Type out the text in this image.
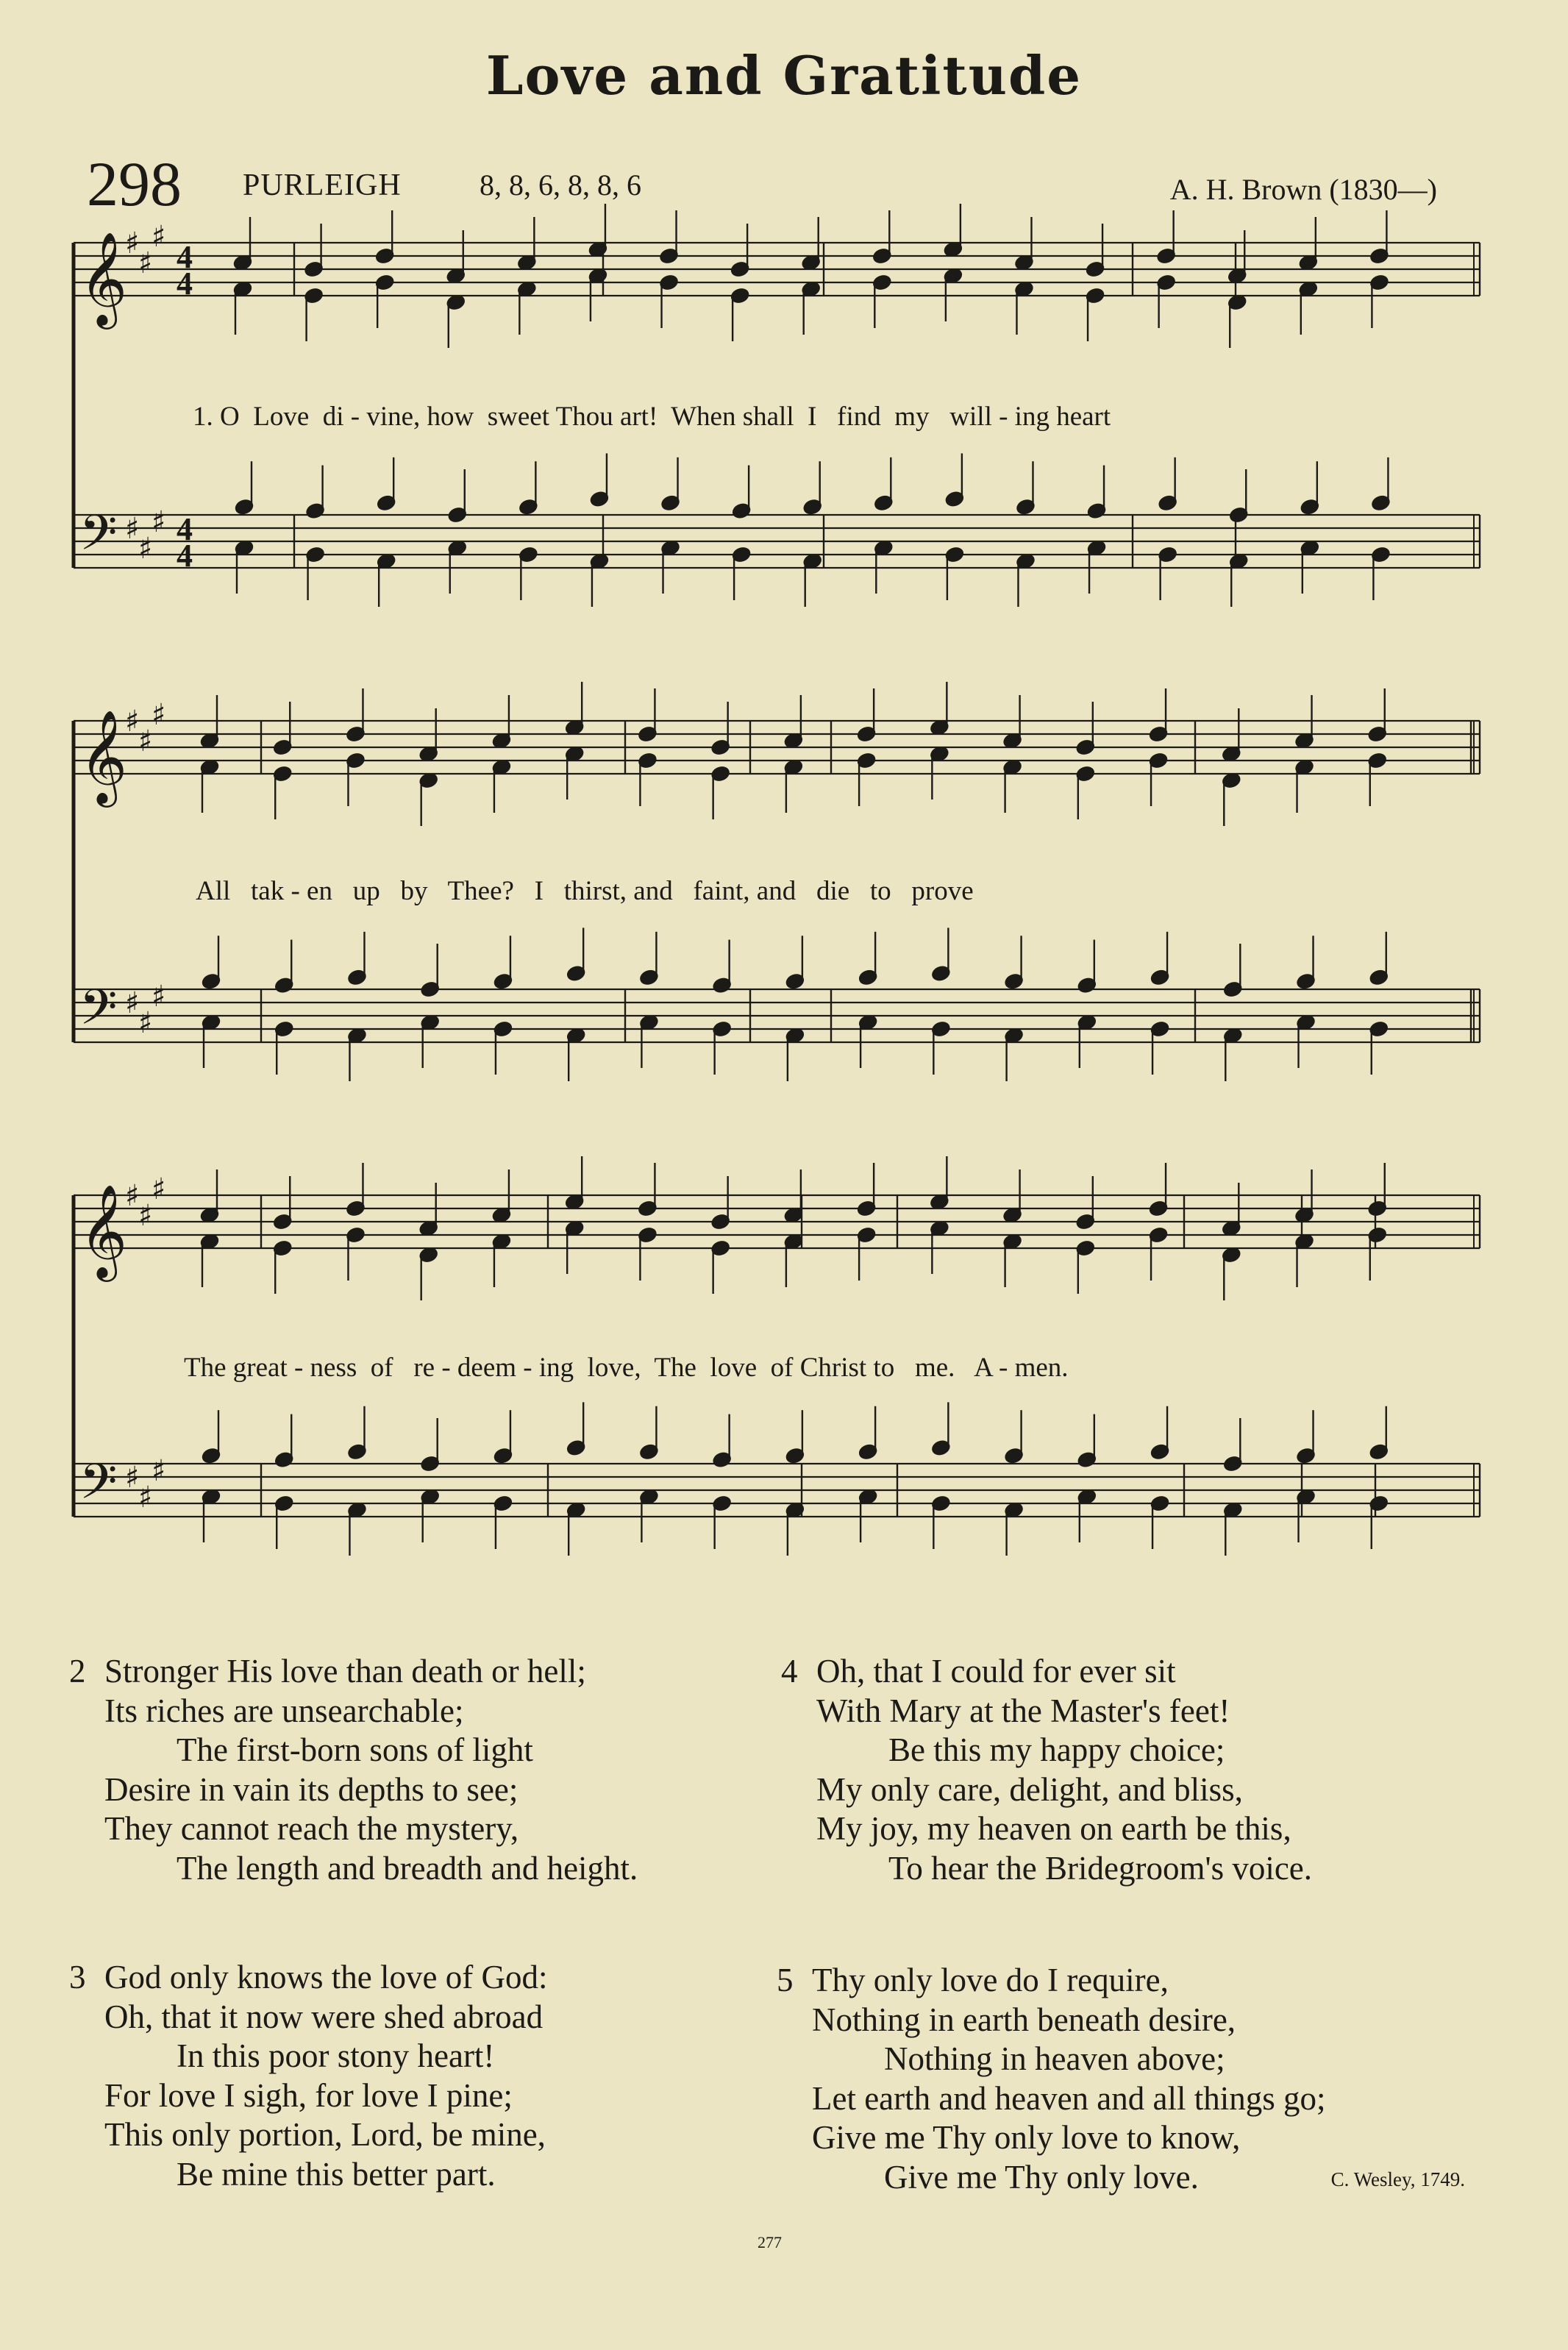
Love and Gratitude
298 PURLEIGH	8, 8, 6, 8, 8, 6	A. H. Brown (1830—)
𝄞
𝄢
♯
♯
♯
♯
♯
♯
4
4
4
4
𝄞
𝄢
♯
♯
♯
♯
♯
♯
𝄞
𝄢
♯
♯
♯
♯
♯
♯
1. O  Love  di - vine, how  sweet Thou art!  When shall  I   find  my   will - ing heart
All   tak - en   up   by   Thee?   I   thirst, and   faint, and   die   to   prove
The great - ness  of   re - deem - ing  love,  The  love  of Christ to   me.   A - men.
2 Stronger His love than death or hell;
Its riches are unsearchable;
The first-born sons of light
Desire in vain its depths to see;
They cannot reach the mystery,
The length and breadth and height.
4 Oh, that I could for ever sit
With Mary at the Master's feet!
Be this my happy choice;
My only care, delight, and bliss,
My joy, my heaven on earth be this,
To hear the Bridegroom's voice.
3 God only knows the love of God:
Oh, that it now were shed abroad
In this poor stony heart!
For love I sigh, for love I pine;
This only portion, Lord, be mine,
Be mine this better part.
5 Thy only love do I require,
Nothing in earth beneath desire,
Nothing in heaven above;
Let earth and heaven and all things go;
Give me Thy only love to know,
Give me Thy only love.	C. Wesley, 1749.
277
